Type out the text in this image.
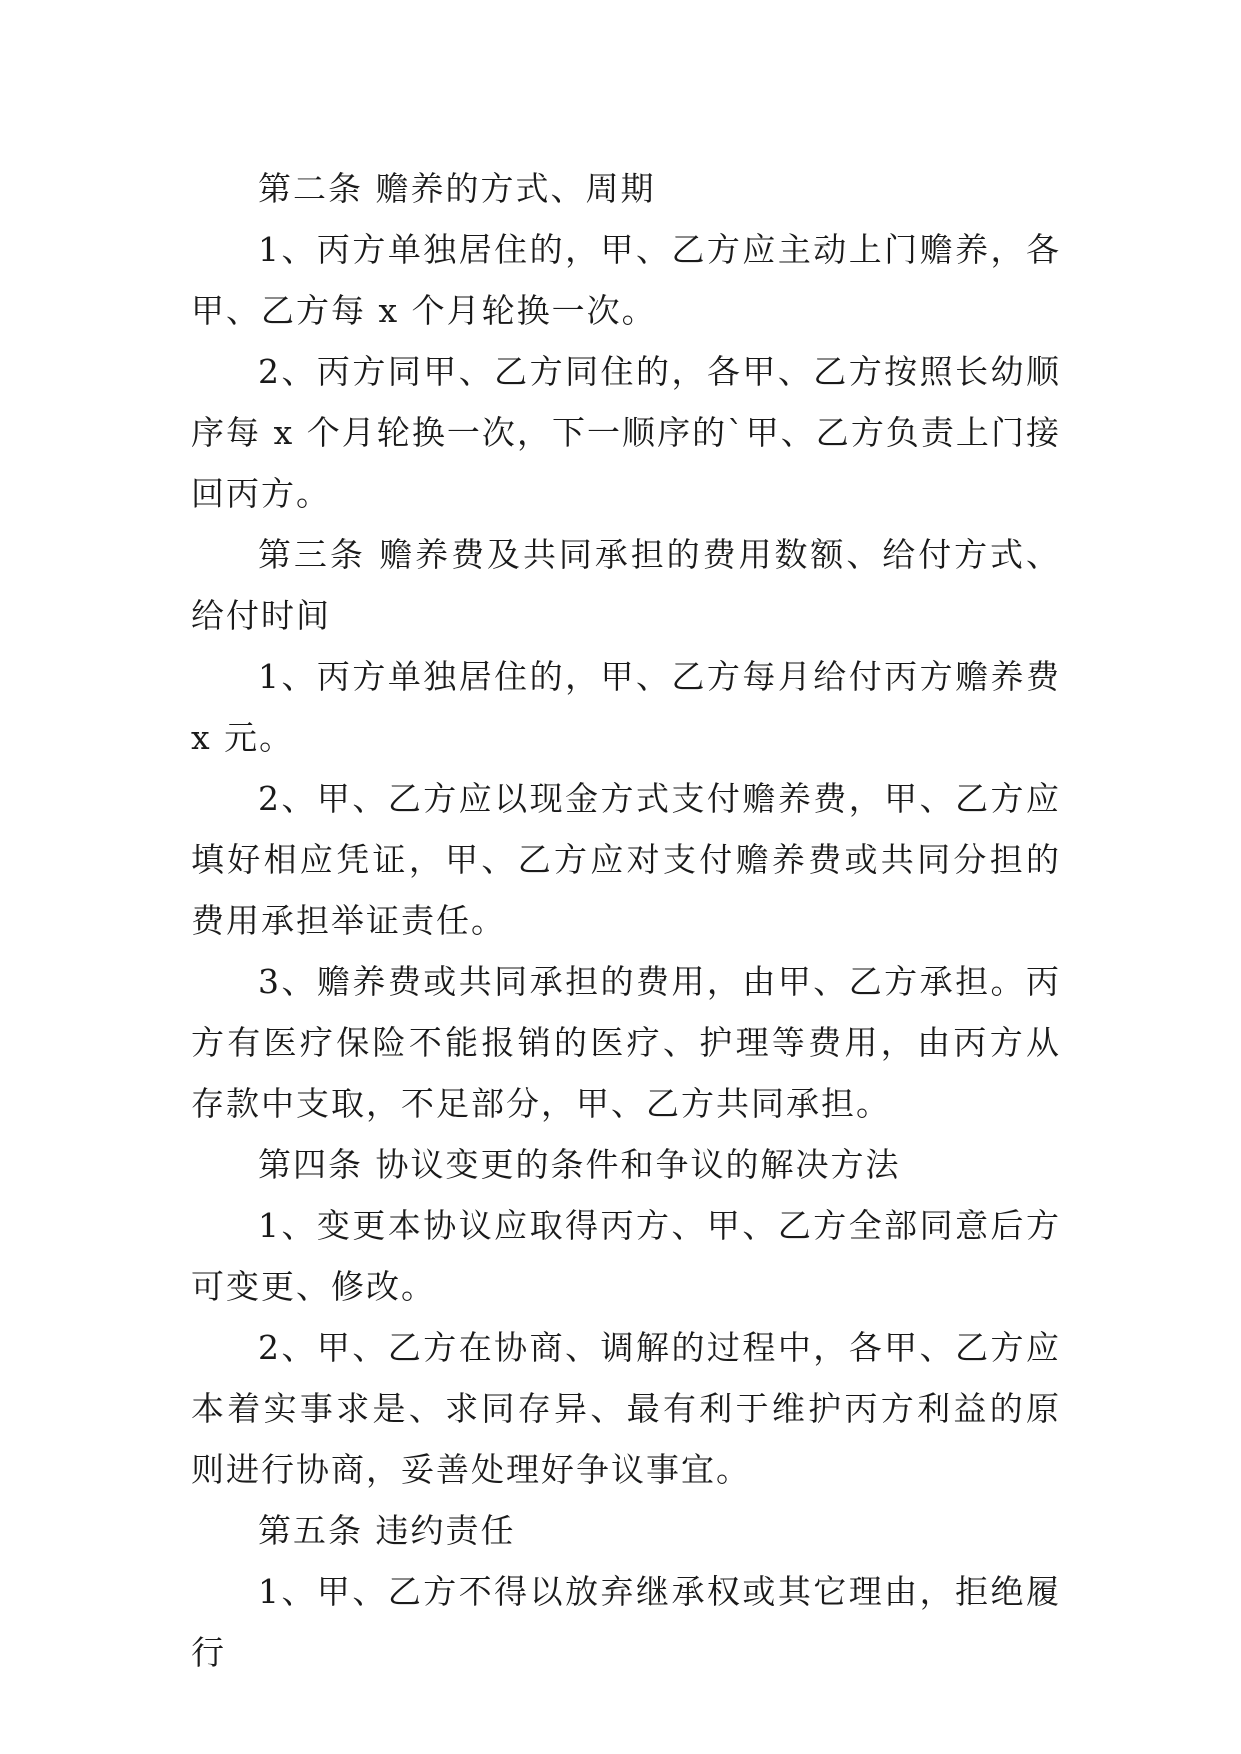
第二条 赡养的方式、周期

1、丙方单独居住的，甲、乙方应主动上门赡养，各甲、乙方每 x 个月轮换一次。

2、丙方同甲、乙方同住的，各甲、乙方按照长幼顺序每 x 个月轮换一次，下一顺序的`甲、乙方负责上门接回丙方。

第三条 赡养费及共同承担的费用数额、给付方式、给付时间

1、丙方单独居住的，甲、乙方每月给付丙方赡养费 x 元。

2、甲、乙方应以现金方式支付赡养费，甲、乙方应填好相应凭证，甲、乙方应对支付赡养费或共同分担的费用承担举证责任。

3、赡养费或共同承担的费用，由甲、乙方承担。丙方有医疗保险不能报销的医疗、护理等费用，由丙方从存款中支取，不足部分，甲、乙方共同承担。

第四条 协议变更的条件和争议的解决方法

1、变更本协议应取得丙方、甲、乙方全部同意后方可变更、修改。

2、甲、乙方在协商、调解的过程中，各甲、乙方应本着实事求是、求同存异、最有利于维护丙方利益的原则进行协商，妥善处理好争议事宜。

第五条 违约责任

1、甲、乙方不得以放弃继承权或其它理由，拒绝履行
